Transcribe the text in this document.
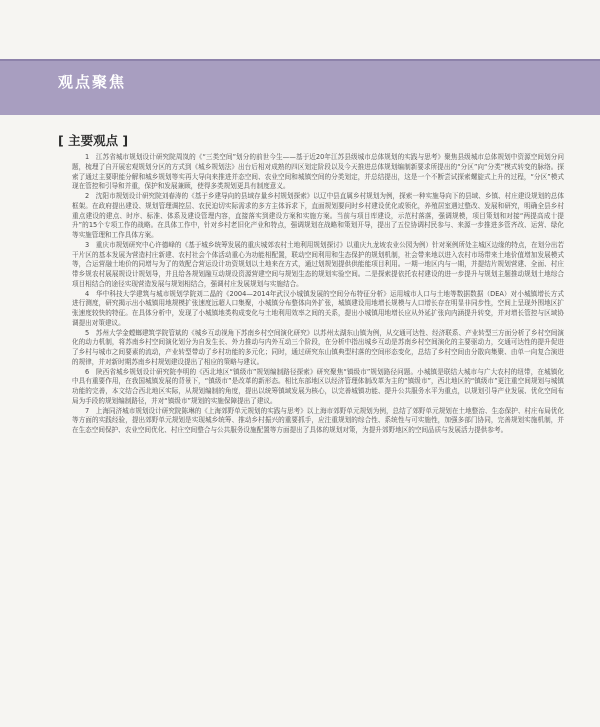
观点聚焦
[ 主要观点 ]

1　江苏省城市规划设计研究院周岚的《“三类空间”划分的前世今生——基于近20年江苏县级城市总体规划的实践与思考》聚焦县级城市总体规划中资源空间划分问题，梳理了自开展宏观规划分区的方式到《城乡规划法》出台后相对成熟的四区划定阶段以及今天推进总体规划编制新要求所提出的“分区”向“分类”模式转变的脉络。探索了通过主要职能分解和城乡规划等实再大导向来推进并态空间、农业空间和城镇空间的分类划定，并总结提出，这是一个不断尝试探索螺旋式上升的过程，“分区”模式现在管控和引导和并重，保护和发展兼顾，使得多类规划更具有制度意义。

2　沈阳市规划设计研究院刘春涛的《基于乡建导向的县域存量乡村规划探索》以辽中县直属乡村规划为例，探索一种实施导向下的县域、乡镇、村庄建设规划的总体框架。在政府提出建设、规划管理调控层、农民迫切实际需求的多方主体诉求下，直面规划要问时乡村建设优化或领化，养殖居室遇过整改、发展和研究，明确全县乡村重点建设的建点、时序、标准、体系及建设管理内容，直接落实到建设方案和实施方案。当前与项目库建设，示范村落落，强调规模，项目策划和对接“两提高成十提升”的15个专项工作的战略。在具体工作中，针对乡村老旧化产业和特点，强调规划在战略和策划开导，提出了五位协调村民参与、来源一步推进多管齐改、运营、绿化等实施管理和工作具体方案。

3　重庆市规划研究中心许德峰的《基于城乡统筹发展的重庆城郊农村土地利用规划探讨》以重庆九龙坡农业公园为例）针对案例所处主城区边缘的特点，在划分出若干片区的基本发展为营造村庄新建、农村社会个体活动重心为功能相配置，联动空间利用和生态保护的规划机制，社会带来地以进入农村市场带来土地价值增加发展模式等，合运营融土地价的同增与为了的效配合营运设计功资规划以土地来在方式，通过划规划提供供能能项目利用。一期一地区内与一期，并提结片规划营建、全面、村庄带乡规农村展展规设计规划导，并且给各规划融互动规设资源营建空间与规划生态的规划实验空间。二是探索提依托农村建设的进一步提升与规划主题推动规划土地综合项目相结合的途径实现营造发展与规划相结合，强调村庄发展规划与实施结合。

4　华中科技大学建筑与城市规划学院刘二晶的《2004—2014年武汉小城镇发展的空间分布特征分析》运用城市人口与土地等数据数据（DEA）对小城镇增长方式进行测度，研究揭示出小城镇用地规模扩张速度远超人口集聚，小城镇分布整体向外扩张，城镇建设用地增长规模与人口增长存在明显非同步性，空间上呈现外围地区扩张速度较快的特征。在具体分析中，发现了小城镇地类构成变化与土地利用效率之间的关系，提出小城镇用地增长应从外延扩张向内涵提升转变，并对增长管控与区域协调提出对策建议。

5　苏州大学金螳螂建筑学院管斌的《城乡互动视角下苏南乡村空间演化研究》以苏州太湖东山镇为例，从交通可达性、经济联系、产业转型三方面分析了乡村空间演化的动力机制，将苏南乡村空间演化划分为自发生长、外力推动与内外互动三个阶段，在分析中指出城乡互动是苏南乡村空间演化的主要驱动力，交通可达性的提升促进了乡村与城市之间要素的流动，产业转型带动了乡村功能的多元化；同时，通过研究东山镇典型村落的空间形态变化，总结了乡村空间由分散向集聚、由单一向复合演进的规律，并对新时期苏南乡村规划建设提出了相应的策略与建议。

6　陕西省城乡规划设计研究院李明的《西北地区“镇级市”规划编制路径探索》研究聚焦“镇级市”规划路径问题。小城镇是联结大城市与广大农村的纽带，在城镇化中具有重要作用，在我国城镇发展的背景下，“镇级市”是改革的新形态。相比东部地区以经济管理体制改革为主的“镇级市”，西北地区的“镇级市”更注重空间规划与城镇功能的完善，本文结合西北地区实际，从规划编制的角度，提出以统筹镇域发展为核心，以完善城镇功能、提升公共服务水平为重点，以规划引导产业发展、优化空间布局为手段的规划编制路径，并对“镇级市”规划的实施保障提出了建议。

7　上海同济城市规划设计研究院陈琳的《上海郊野单元规划的实践与思考》以上海市郊野单元规划为例，总结了郊野单元规划在土地整治、生态保护、村庄布局优化等方面的实践经验，提出郊野单元规划是实现城乡统筹、推动乡村振兴的重要抓手，应注重规划的综合性、系统性与可实施性，加强多部门协同，完善规划实施机制，并在生态空间保护、农业空间优化、村庄空间整合与公共服务设施配置等方面提出了具体的规划对策，为提升郊野地区的空间品质与发展活力提供参考。
